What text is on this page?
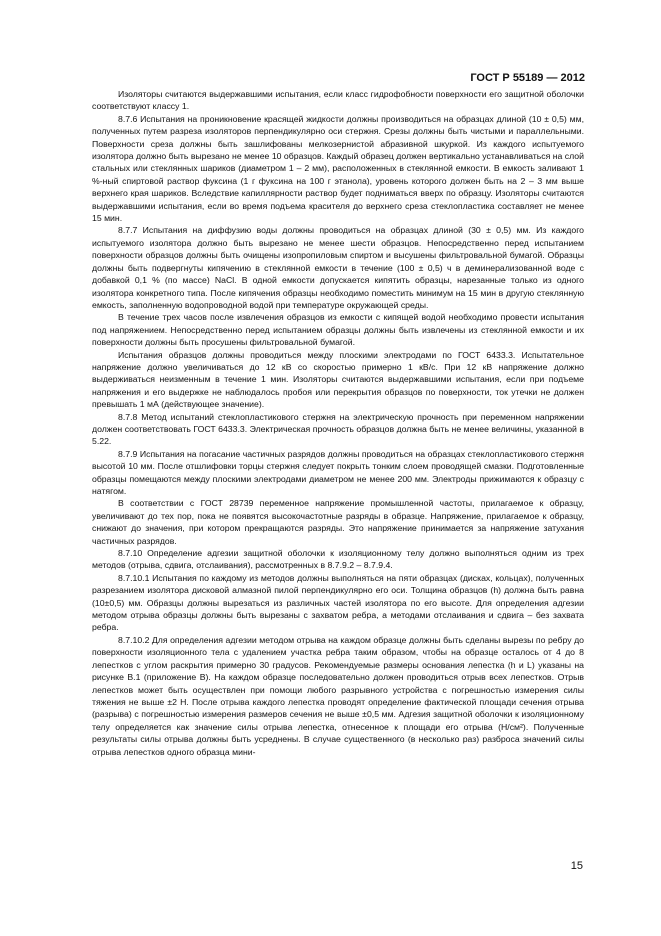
ГОСТ Р 55189 — 2012

Изоляторы считаются выдержавшими испытания, если класс гидрофобности поверхности его защитной оболочки соответствуют классу 1.

8.7.6 Испытания на проникновение красящей жидкости должны производиться на образцах длиной (10 ± 0,5) мм, полученных путем разреза изоляторов перпендикулярно оси стержня. Срезы должны быть чистыми и параллельными. Поверхности среза должны быть зашлифованы мелкозернистой абразивной шкуркой. Из каждого испытуемого изолятора должно быть вырезано не менее 10 образцов. Каждый образец должен вертикально устанавливаться на слой стальных или стеклянных шариков (диаметром 1 – 2 мм), расположенных в стеклянной емкости. В емкость заливают 1 %-ный спиртовой раствор фуксина (1 г фуксина на 100 г этанола), уровень которого должен быть на 2 – 3 мм выше верхнего края шариков. Вследствие капиллярности раствор будет подниматься вверх по образцу. Изоляторы считаются выдержавшими испытания, если во время подъема красителя до верхнего среза стеклопластика составляет не менее 15 мин.

8.7.7 Испытания на диффузию воды должны проводиться на образцах длиной (30 ± 0,5) мм. Из каждого испытуемого изолятора должно быть вырезано не менее шести образцов. Непосредственно перед испытанием поверхности образцов должны быть очищены изопропиловым спиртом и высушены фильтровальной бумагой. Образцы должны быть подвергнуты кипячению в стеклянной емкости в течение (100 ± 0,5) ч в деминерализованной воде с добавкой 0,1 % (по массе) NaCl. В одной емкости допускается кипятить образцы, нарезанные только из одного изолятора конкретного типа. После кипячения образцы необходимо поместить минимум на 15 мин в другую стеклянную емкость, заполненную водопроводной водой при температуре окружающей среды.

В течение трех часов после извлечения образцов из емкости с кипящей водой необходимо провести испытания под напряжением. Непосредственно перед испытанием образцы должны быть извлечены из стеклянной емкости и их поверхности должны быть просушены фильтровальной бумагой.

Испытания образцов должны проводиться между плоскими электродами по ГОСТ 6433.3. Испытательное напряжение должно увеличиваться до 12 кВ со скоростью примерно 1 кВ/с. При 12 кВ напряжение должно выдерживаться неизменным в течение 1 мин. Изоляторы считаются выдержавшими испытания, если при подъеме напряжения и его выдержке не наблюдалось пробоя или перекрытия образцов по поверхности, ток утечки не должен превышать 1 мА (действующее значение).

8.7.8 Метод испытаний стеклопластикового стержня на электрическую прочность при переменном напряжении должен соответствовать ГОСТ 6433.3. Электрическая прочность образцов должна быть не менее величины, указанной в 5.22.

8.7.9 Испытания на погасание частичных разрядов должны проводиться на образцах стеклопластикового стержня высотой 10 мм. После отшлифовки торцы стержня следует покрыть тонким слоем проводящей смазки. Подготовленные образцы помещаются между плоскими электродами диаметром не менее 200 мм. Электроды прижимаются к образцу с натягом.

В соответствии с ГОСТ 28739 переменное напряжение промышленной частоты, прилагаемое к образцу, увеличивают до тех пор, пока не появятся высокочастотные разряды в образце. Напряжение, прилагаемое к образцу, снижают до значения, при котором прекращаются разряды. Это напряжение принимается за напряжение затухания частичных разрядов.

8.7.10 Определение адгезии защитной оболочки к изоляционному телу должно выполняться одним из трех методов (отрыва, сдвига, отслаивания), рассмотренных в 8.7.9.2 – 8.7.9.4.

8.7.10.1 Испытания по каждому из методов должны выполняться на пяти образцах (дисках, кольцах), полученных разрезанием изолятора дисковой алмазной пилой перпендикулярно его оси. Толщина образцов (h) должна быть равна (10±0,5) мм. Образцы должны вырезаться из различных частей изолятора по его высоте. Для определения адгезии методом отрыва образцы должны быть вырезаны с захватом ребра, а методами отслаивания и сдвига – без захвата ребра.

8.7.10.2 Для определения адгезии методом отрыва на каждом образце должны быть сделаны вырезы по ребру до поверхности изоляционного тела с удалением участка ребра таким образом, чтобы на образце осталось от 4 до 8 лепестков с углом раскрытия примерно 30 градусов. Рекомендуемые размеры основания лепестка (h и L) указаны на рисунке В.1 (приложение В). На каждом образце последовательно должен проводиться отрыв всех лепестков. Отрыв лепестков может быть осуществлен при помощи любого разрывного устройства с погрешностью измерения силы тяжения не выше ±2 Н. После отрыва каждого лепестка проводят определение фактической площади сечения отрыва (разрыва) с погрешностью измерения размеров сечения не выше ±0,5 мм. Адгезия защитной оболочки к изоляционному телу определяется как значение силы отрыва лепестка, отнесенное к площади его отрыва (Н/см²). Полученные результаты силы отрыва должны быть усреднены. В случае существенного (в несколько раз) разброса значений силы отрыва лепестков одного образца мини-

15
